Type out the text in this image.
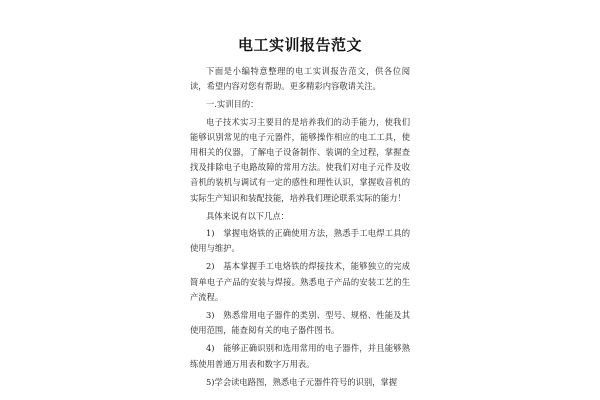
电工实训报告范文

下面是小编特意整理的电工实训报告范文，供各位阅读，希望内容对您有帮助。更多精彩内容敬请关注。

一.实训目的：

电子技术实习主要目的是培养我们的动手能力，使我们能够识别常见的电子元器件，能够操作相应的电工工具，使用相关的仪器，了解电子设备制作、装调的全过程，掌握查找及排除电子电路故障的常用方法。使我们对电子元件及收音机的装机与调试有一定的感性和理性认识，掌握收音机的实际生产知识和装配技能，培养我们理论联系实际的能力！

具体来说有以下几点：

1)　掌握电烙铁的正确使用方法，熟悉手工电焊工具的使用与维护。

2)　基本掌握手工电烙铁的焊接技术，能够独立的完成简单电子产品的安装与焊接。熟悉电子产品的安装工艺的生产流程。

3)　熟悉常用电子器件的类别、型号、规格、性能及其使用范围，能查阅有关的电子器件图书。

4)　能够正确识别和选用常用的电子器件，并且能够熟练使用普通万用表和数字万用表。

5)学会读电路图，熟悉电子元器件符号的识别，掌握
